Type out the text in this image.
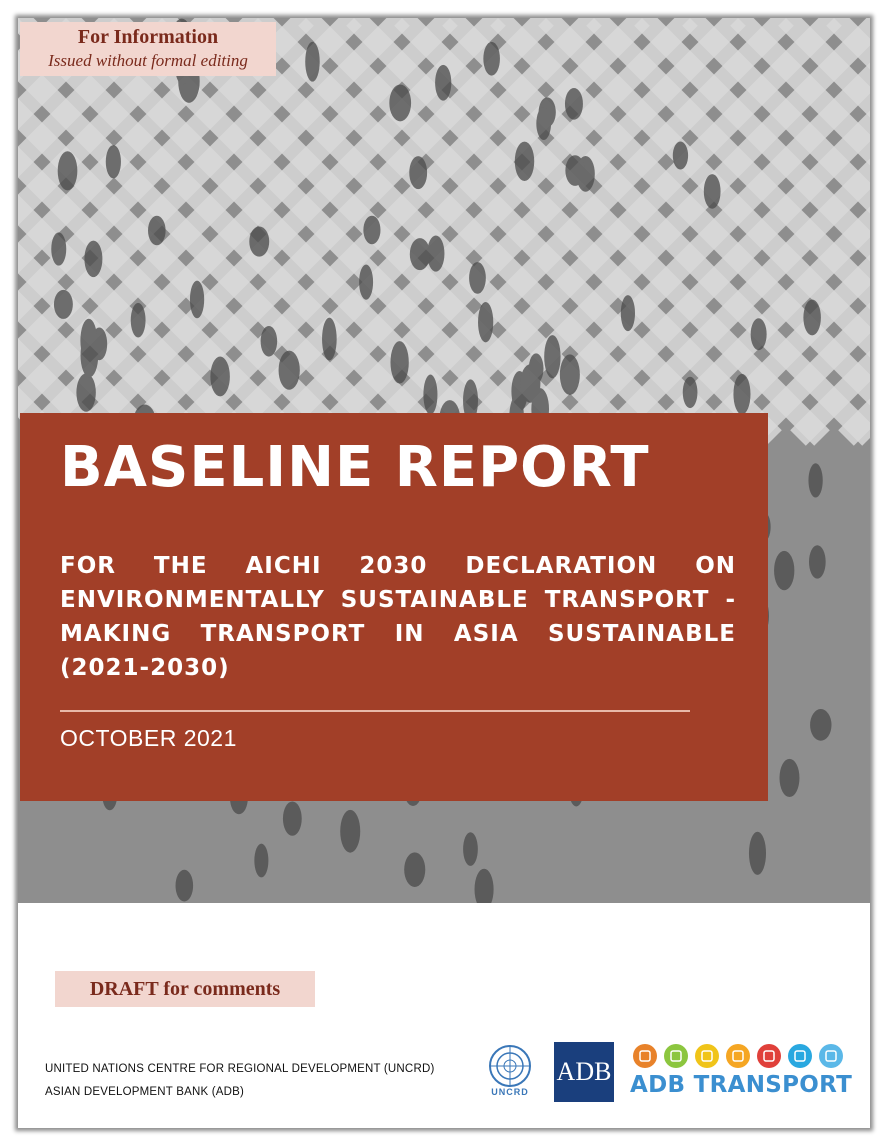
For Information
Issued without formal editing
BASELINE REPORT
FOR THE AICHI 2030 DECLARATION ON ENVIRONMENTALLY SUSTAINABLE TRANSPORT - MAKING TRANSPORT IN ASIA SUSTAINABLE (2021-2030)
OCTOBER 2021
DRAFT for comments
UNITED NATIONS CENTRE FOR REGIONAL DEVELOPMENT (UNCRD)
ASIAN DEVELOPMENT BANK (ADB)	UNCRD
ADB ADB TRANSPORT
